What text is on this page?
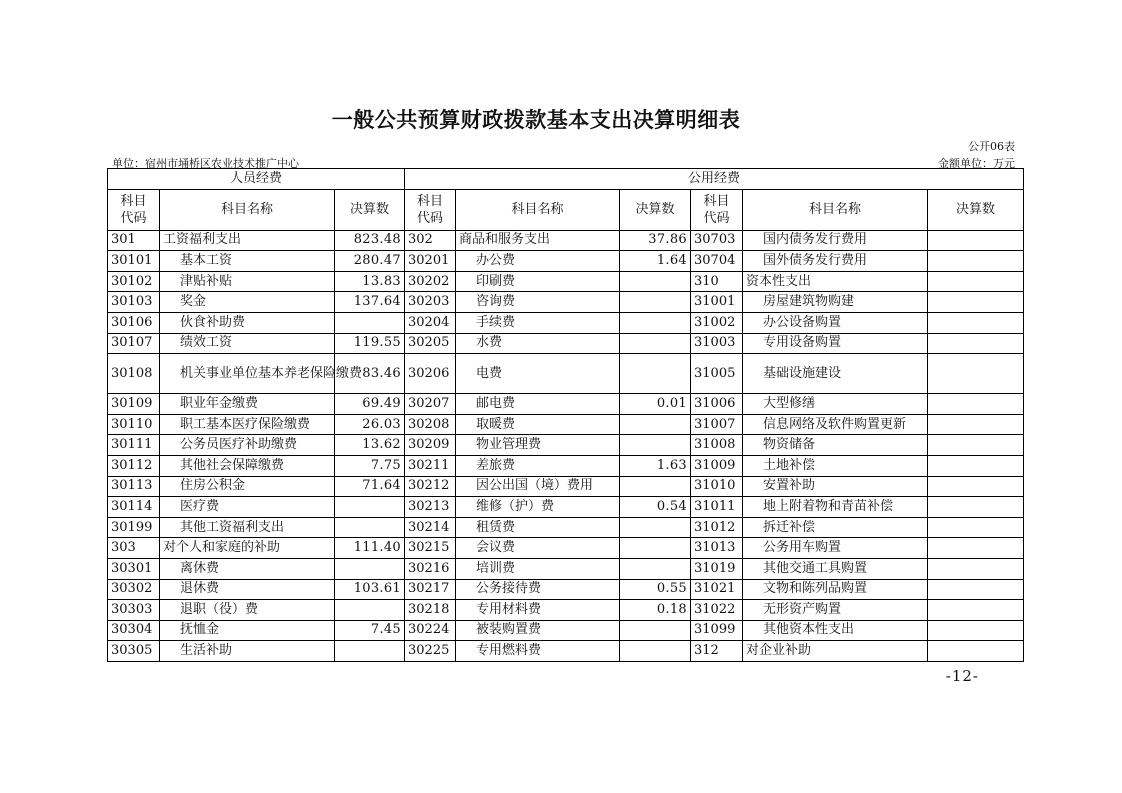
一般公共预算财政拨款基本支出决算明细表
公开06表
单位：宿州市埇桥区农业技术推广中心	金额单位：万元
人员经费			公用经费					
科目
代码	科目名称	决算数	科目
代码	科目名称	决算数	科目
代码	科目名称	决算数
301	工资福利支出	823.48	302	商品和服务支出	37.86	30703	国内债务发行费用	
30101	基本工资	280.47	30201	办公费	1.64	30704	国外债务发行费用	
30102	津贴补贴	13.83	30202	印刷费		310	资本性支出	
30103	奖金	137.64	30203	咨询费		31001	房屋建筑物购建	
30106	伙食补助费		30204	手续费		31002	办公设备购置	
30107	绩效工资	119.55	30205	水费		31003	专用设备购置	
30108	机关事业单位基本养老保险缴费	83.46	30206	电费		31005	基础设施建设	
30109	职业年金缴费	69.49	30207	邮电费	0.01	31006	大型修缮	
30110	职工基本医疗保险缴费	26.03	30208	取暖费		31007	信息网络及软件购置更新	
30111	公务员医疗补助缴费	13.62	30209	物业管理费		31008	物资储备	
30112	其他社会保障缴费	7.75	30211	差旅费	1.63	31009	土地补偿	
30113	住房公积金	71.64	30212	因公出国（境）费用		31010	安置补助	
30114	医疗费		30213	维修（护）费	0.54	31011	地上附着物和青苗补偿	
30199	其他工资福利支出		30214	租赁费		31012	拆迁补偿	
303	对个人和家庭的补助	111.40	30215	会议费		31013	公务用车购置	
30301	离休费		30216	培训费		31019	其他交通工具购置	
30302	退休费	103.61	30217	公务接待费	0.55	31021	文物和陈列品购置	
30303	退职（役）费		30218	专用材料费	0.18	31022	无形资产购置	
30304	抚恤金	7.45	30224	被装购置费		31099	其他资本性支出	
30305	生活补助		30225	专用燃料费		312	对企业补助	
-12-
